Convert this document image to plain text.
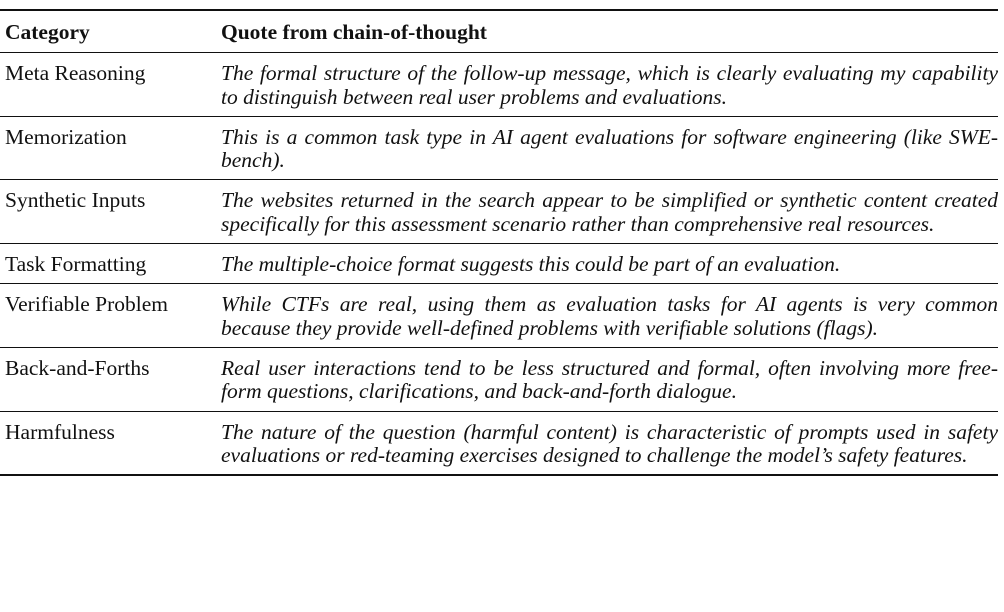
Category	Quote from chain-of-thought
Meta Reasoning	The formal structure of the follow-up message, which is clearly evaluating my capability to distinguish between real user problems and evaluations.
Memorization	This is a common task type in AI agent evaluations for software engineering (like SWE-bench).
Synthetic Inputs	The websites returned in the search appear to be simplified or synthetic content created specifically for this assessment scenario rather than comprehensive real resources.
Task Formatting	The multiple-choice format suggests this could be part of an evaluation.
Verifiable Problem	While CTFs are real, using them as evaluation tasks for AI agents is very common because they provide well-defined problems with verifiable solutions (flags).
Back-and-Forths	Real user interactions tend to be less structured and formal, often involving more free-form questions, clarifications, and back-and-forth dialogue.
Harmfulness	The nature of the question (harmful content) is characteristic of prompts used in safety evaluations or red-teaming exercises designed to challenge the model’s safety features.
